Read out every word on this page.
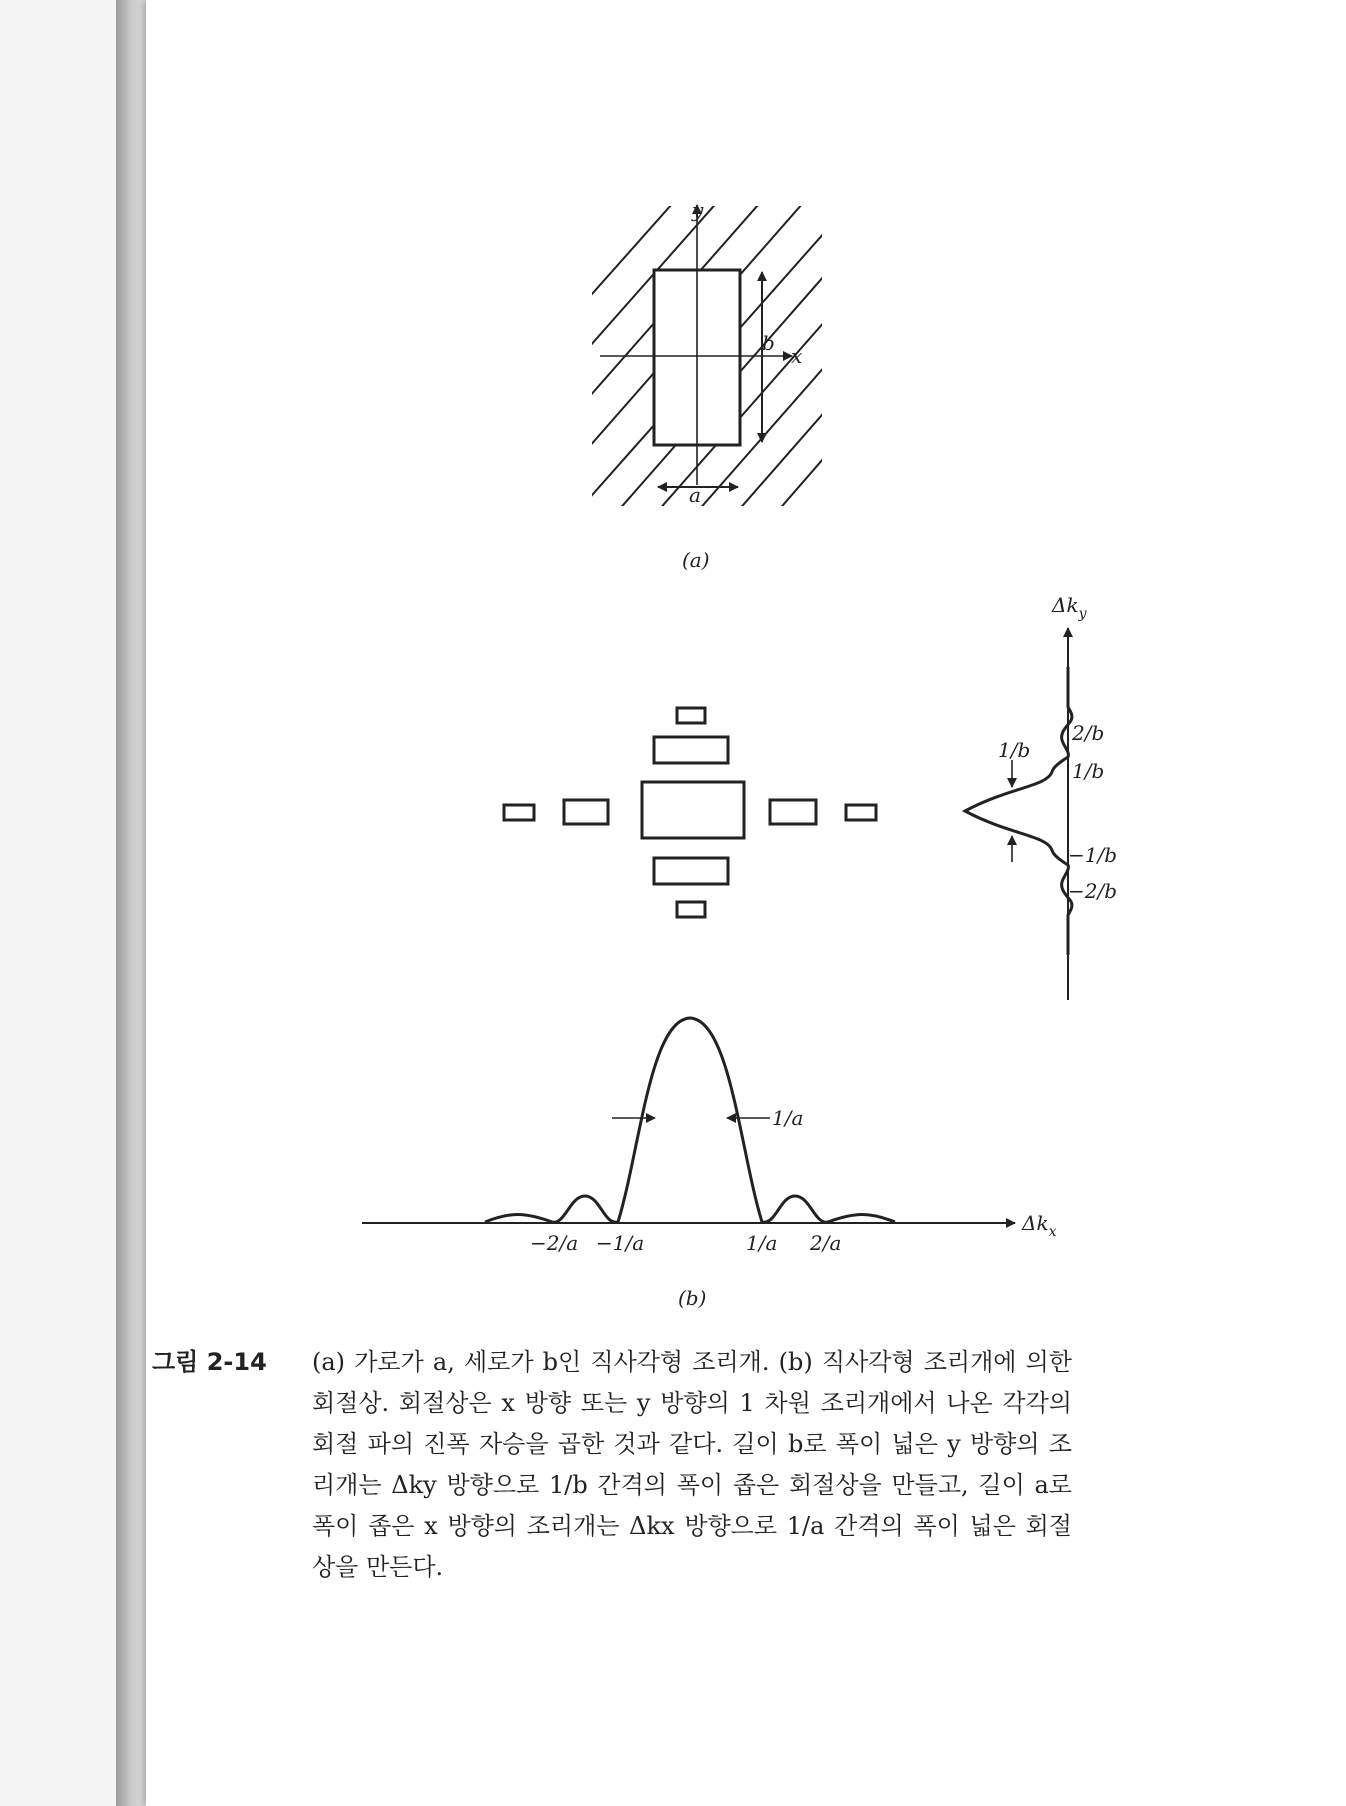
y
x
b
a
(a)
$\Delta k_y$
1/b
2/b
1/b
−1/b
−2/b
1/a
$\Delta k_x$
−2/a −1/a	1/a 2/a
(b)
그림 2-14 (a) 가로가 a, 세로가 b인 직사각형 조리개. (b) 직사각형 조리개에 의한 회절상. 회절상은 x 방향 또는 y 방향의 1 차원 조리개에서 나온 각각의 회절 파의 진폭 자승을 곱한 것과 같다. 길이 b로 폭이 넓은 y 방향의 조리개는 Δky 방향으로 1/b 간격의 폭이 좁은 회절상을 만들고, 길이 a로 폭이 좁은 x 방향의 조리개는 Δkx 방향으로 1/a 간격의 폭이 넓은 회절상을 만든다.
